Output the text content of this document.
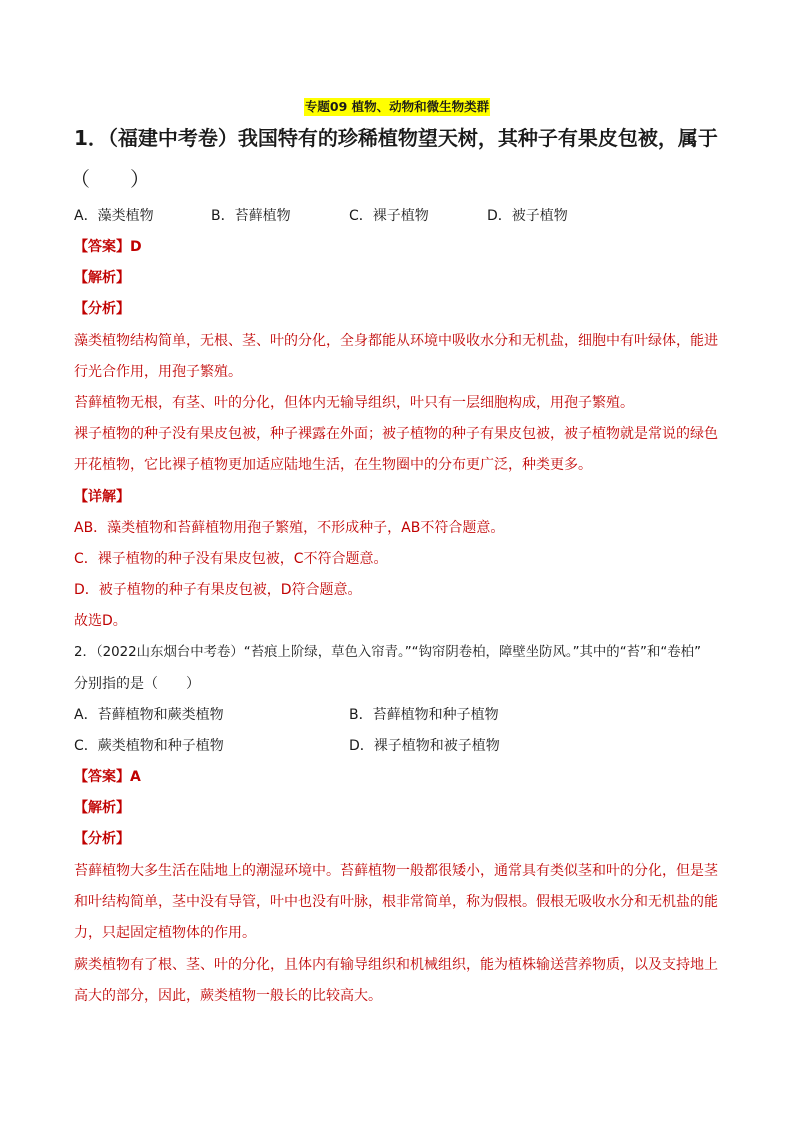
专题09 植物、动物和微生物类群
1．（福建中考卷）我国特有的珍稀植物望天树，其种子有果皮包被，属于
（　　）
A．藻类植物	B．苔藓植物	C．裸子植物	D．被子植物
【答案】D
【解析】
【分析】
藻类植物结构简单，无根、茎、叶的分化，全身都能从环境中吸收水分和无机盐，细胞中有叶绿体，能进
行光合作用，用孢子繁殖。
苔藓植物无根，有茎、叶的分化，但体内无输导组织，叶只有一层细胞构成，用孢子繁殖。
裸子植物的种子没有果皮包被，种子裸露在外面；被子植物的种子有果皮包被，被子植物就是常说的绿色
开花植物，它比裸子植物更加适应陆地生活，在生物圈中的分布更广泛，种类更多。
【详解】
AB．藻类植物和苔藓植物用孢子繁殖，不形成种子，AB不符合题意。
C．裸子植物的种子没有果皮包被，C不符合题意。
D．被子植物的种子有果皮包被，D符合题意。
故选D。
2．（2022山东烟台中考卷）“苔痕上阶绿，草色入帘青。”“钩帘阴卷柏，障壁坐防风。”其中的“苔”和“卷柏”
分别指的是（　　）
A．苔藓植物和蕨类植物	B．苔藓植物和种子植物
C．蕨类植物和种子植物	D．裸子植物和被子植物
【答案】A
【解析】
【分析】
苔藓植物大多生活在陆地上的潮湿环境中。苔藓植物一般都很矮小，通常具有类似茎和叶的分化，但是茎
和叶结构简单，茎中没有导管，叶中也没有叶脉，根非常简单，称为假根。假根无吸收水分和无机盐的能
力，只起固定植物体的作用。
蕨类植物有了根、茎、叶的分化，且体内有输导组织和机械组织，能为植株输送营养物质，以及支持地上
高大的部分，因此，蕨类植物一般长的比较高大。
